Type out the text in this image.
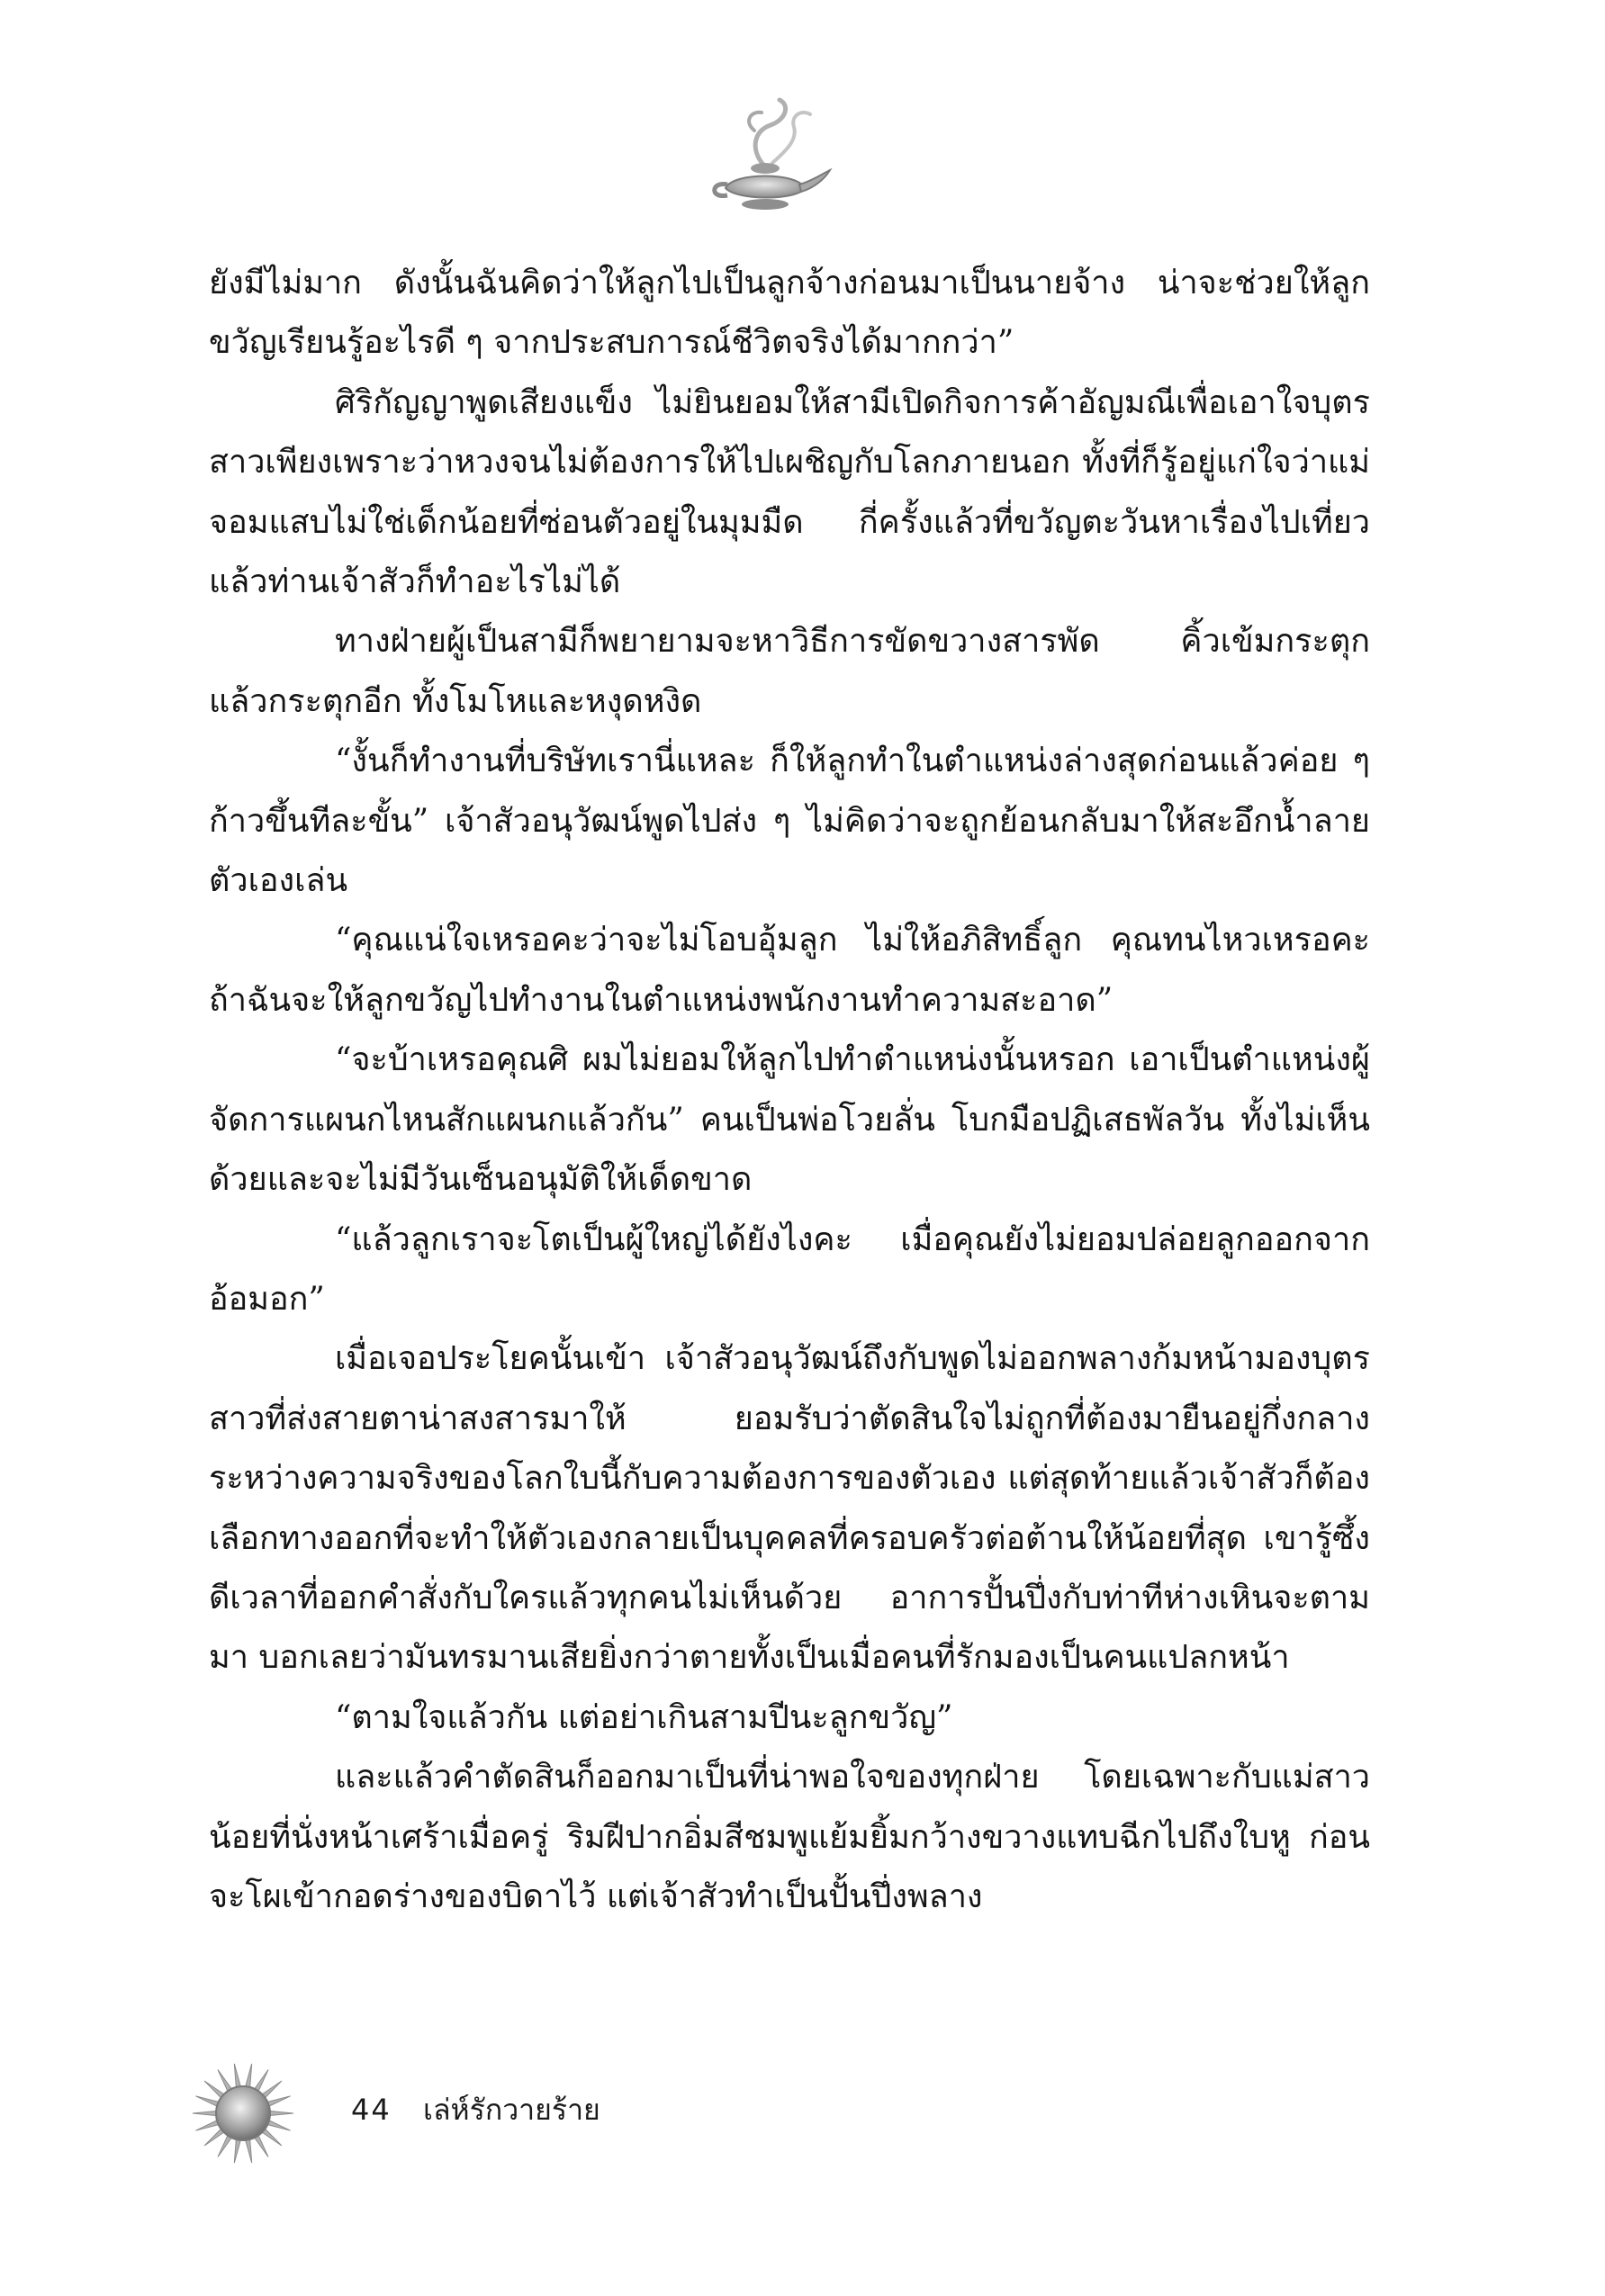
ยังมีไม่มาก ดังนั้นฉันคิดว่าให้ลูกไปเป็นลูกจ้างก่อนมาเป็นนายจ้าง น่าจะช่วยให้ลูกขวัญเรียนรู้อะไรดี ๆ จากประสบการณ์ชีวิตจริงได้มากกว่า”

ศิริกัญญาพูดเสียงแข็ง ไม่ยินยอมให้สามีเปิดกิจการค้าอัญมณีเพื่อเอาใจบุตรสาวเพียงเพราะว่าหวงจนไม่ต้องการให้ไปเผชิญกับโลกภายนอก ทั้งที่ก็รู้อยู่แก่ใจว่าแม่จอมแสบไม่ใช่เด็กน้อยที่ซ่อนตัวอยู่ในมุมมืด กี่ครั้งแล้วที่ขวัญตะวันหาเรื่องไปเที่ยวแล้วท่านเจ้าสัวก็ทำอะไรไม่ได้

ทางฝ่ายผู้เป็นสามีก็พยายามจะหาวิธีการขัดขวางสารพัด คิ้วเข้มกระตุกแล้วกระตุกอีก ทั้งโมโหและหงุดหงิด

“งั้นก็ทำงานที่บริษัทเรานี่แหละ ก็ให้ลูกทำในตำแหน่งล่างสุดก่อนแล้วค่อย ๆ ก้าวขึ้นทีละขั้น” เจ้าสัวอนุวัฒน์พูดไปส่ง ๆ ไม่คิดว่าจะถูกย้อนกลับมาให้สะอึกน้ำลายตัวเองเล่น

“คุณแน่ใจเหรอคะว่าจะไม่โอบอุ้มลูก ไม่ให้อภิสิทธิ์ลูก คุณทนไหวเหรอคะถ้าฉันจะให้ลูกขวัญไปทำงานในตำแหน่งพนักงานทำความสะอาด”

“จะบ้าเหรอคุณศิ ผมไม่ยอมให้ลูกไปทำตำแหน่งนั้นหรอก เอาเป็นตำแหน่งผู้จัดการแผนกไหนสักแผนกแล้วกัน” คนเป็นพ่อโวยลั่น โบกมือปฏิเสธพัลวัน ทั้งไม่เห็นด้วยและจะไม่มีวันเซ็นอนุมัติให้เด็ดขาด

“แล้วลูกเราจะโตเป็นผู้ใหญ่ได้ยังไงคะ เมื่อคุณยังไม่ยอมปล่อยลูกออกจากอ้อมอก”

เมื่อเจอประโยคนั้นเข้า เจ้าสัวอนุวัฒน์ถึงกับพูดไม่ออกพลางก้มหน้ามองบุตรสาวที่ส่งสายตาน่าสงสารมาให้ ยอมรับว่าตัดสินใจไม่ถูกที่ต้องมายืนอยู่กึ่งกลางระหว่างความจริงของโลกใบนี้กับความต้องการของตัวเอง แต่สุดท้ายแล้วเจ้าสัวก็ต้องเลือกทางออกที่จะทำให้ตัวเองกลายเป็นบุคคลที่ครอบครัวต่อต้านให้น้อยที่สุด เขารู้ซึ้งดีเวลาที่ออกคำสั่งกับใครแล้วทุกคนไม่เห็นด้วย อาการปั้นปึ่งกับท่าทีห่างเหินจะตามมา บอกเลยว่ามันทรมานเสียยิ่งกว่าตายทั้งเป็นเมื่อคนที่รักมองเป็นคนแปลกหน้า

“ตามใจแล้วกัน แต่อย่าเกินสามปีนะลูกขวัญ”

และแล้วคำตัดสินก็ออกมาเป็นที่น่าพอใจของทุกฝ่าย โดยเฉพาะกับแม่สาวน้อยที่นั่งหน้าเศร้าเมื่อครู่ ริมฝีปากอิ่มสีชมพูแย้มยิ้มกว้างขวางแทบฉีกไปถึงใบหู ก่อนจะโผเข้ากอดร่างของบิดาไว้ แต่เจ้าสัวทำเป็นปั้นปึ่งพลาง

44 เล่ห์รักวายร้าย
